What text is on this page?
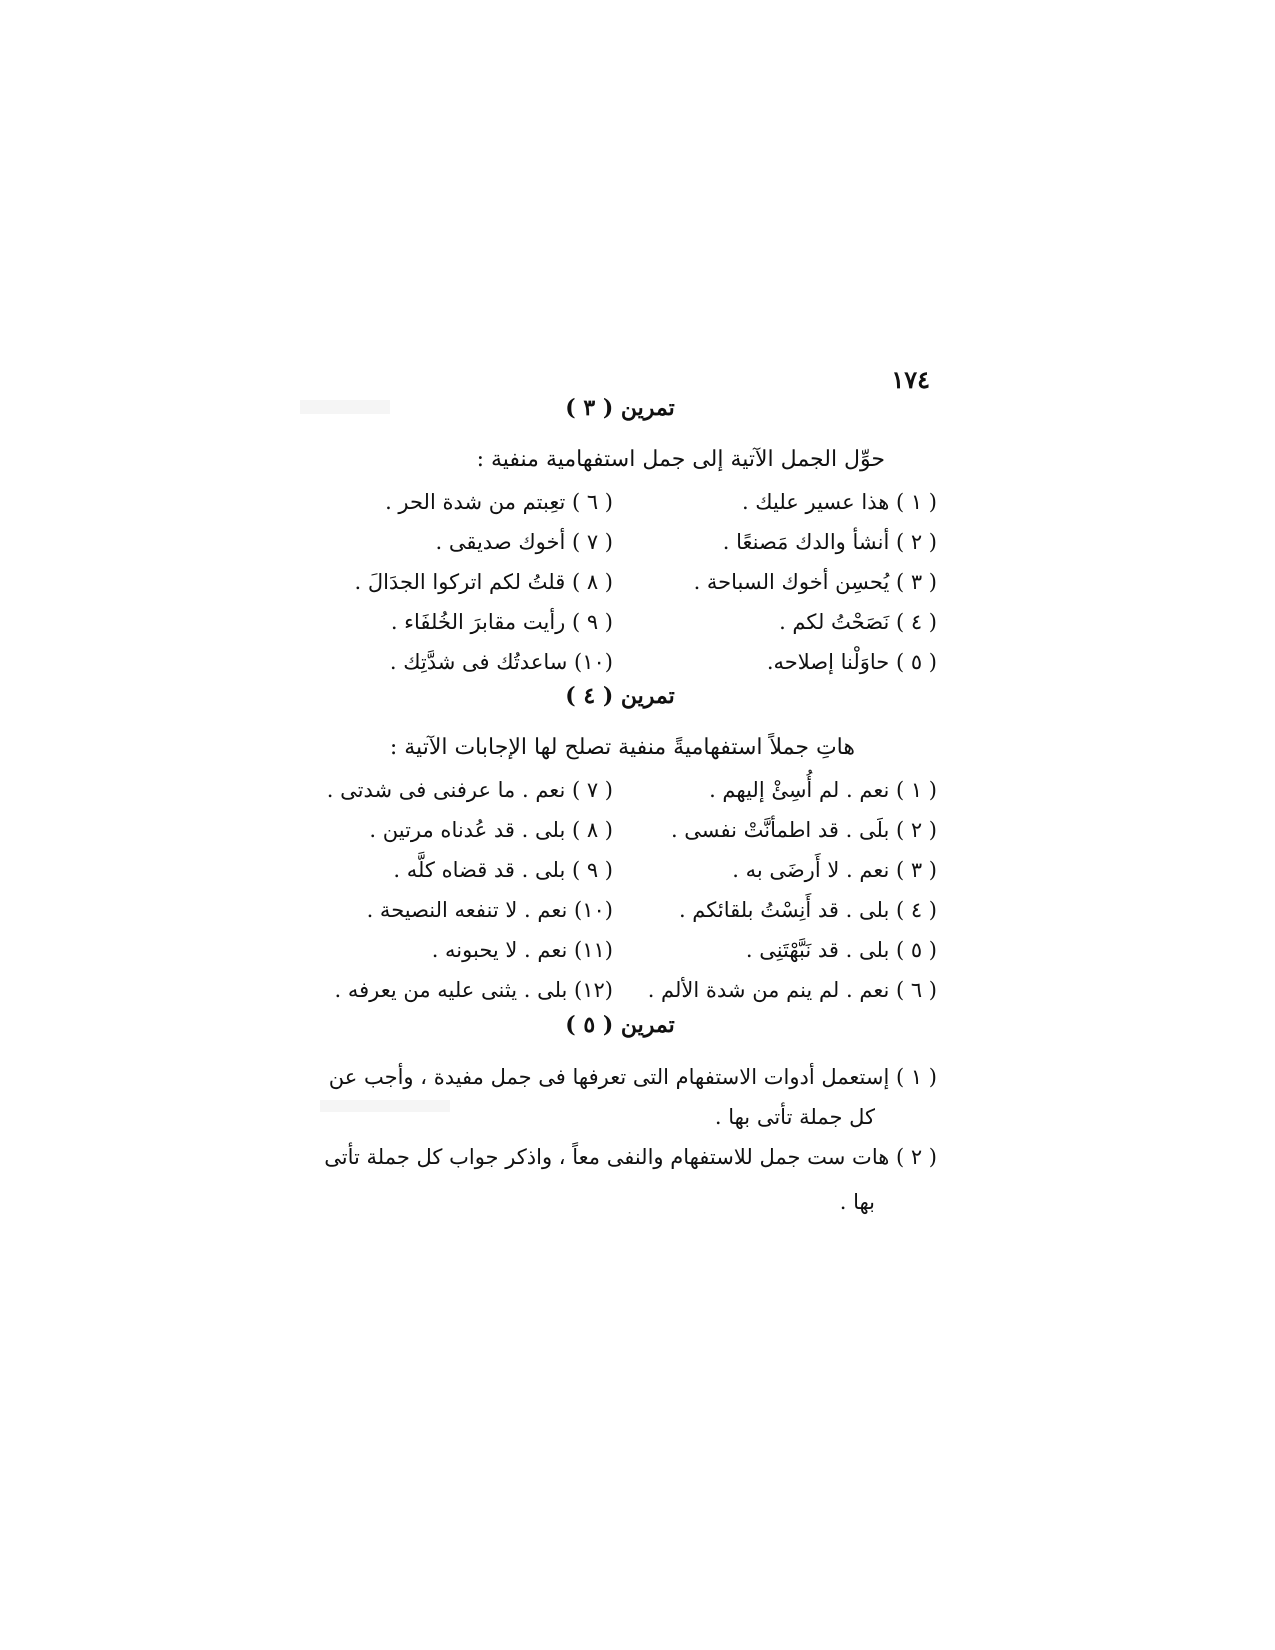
١٧٤
تمرين ( ٣ )
حوِّل الجمل الآتية إلى جمل استفهامية منفية :
( ١ ) هذا عسير عليك .
( ٢ ) أنشأ والدك مَصنعًا .
( ٣ ) يُحسِن أخوك السباحة .
( ٤ ) نَصَحْتُ لكم .
( ٥ ) حاوَلْنا إصلاحه.
( ٦ ) تعِبتم من شدة الحر .
( ٧ ) أخوك صديقى .
( ٨ ) قلتُ لكم اتركوا الجدَالَ .
( ٩ ) رأيت مقابرَ الخُلفَاء .
(١٠) ساعدتُك فى شدَّتِك .
تمرين ( ٤ )
هاتِ جملاً استفهاميةً منفية تصلح لها الإجابات الآتية :
( ١ ) نعم . لم أُسِئْ إليهم .
( ٢ ) بلَى . قد اطمأنَّتْ نفسى .
( ٣ ) نعم . لا أَرضَى به .
( ٤ ) بلى . قد أَنِسْتُ بلقائكم .
( ٥ ) بلى . قد نَبَّهْتَنِى .
( ٦ ) نعم . لم ينم من شدة الألم .
( ٧ ) نعم . ما عرفنى فى شدتى .
( ٨ ) بلى . قد عُدناه مرتين .
( ٩ ) بلى . قد قضاه كلَّه .
(١٠) نعم . لا تنفعه النصيحة .
(١١) نعم . لا يحبونه .
(١٢) بلى . يثنى عليه من يعرفه .
تمرين ( ٥ )
( ١ ) إستعمل أدوات الاستفهام التى تعرفها فى جمل مفيدة ، وأجب عن
كل جملة تأتى بها .
( ٢ ) هات ست جمل للاستفهام والنفى معاً ، واذكر جواب كل جملة تأتى
بها .
